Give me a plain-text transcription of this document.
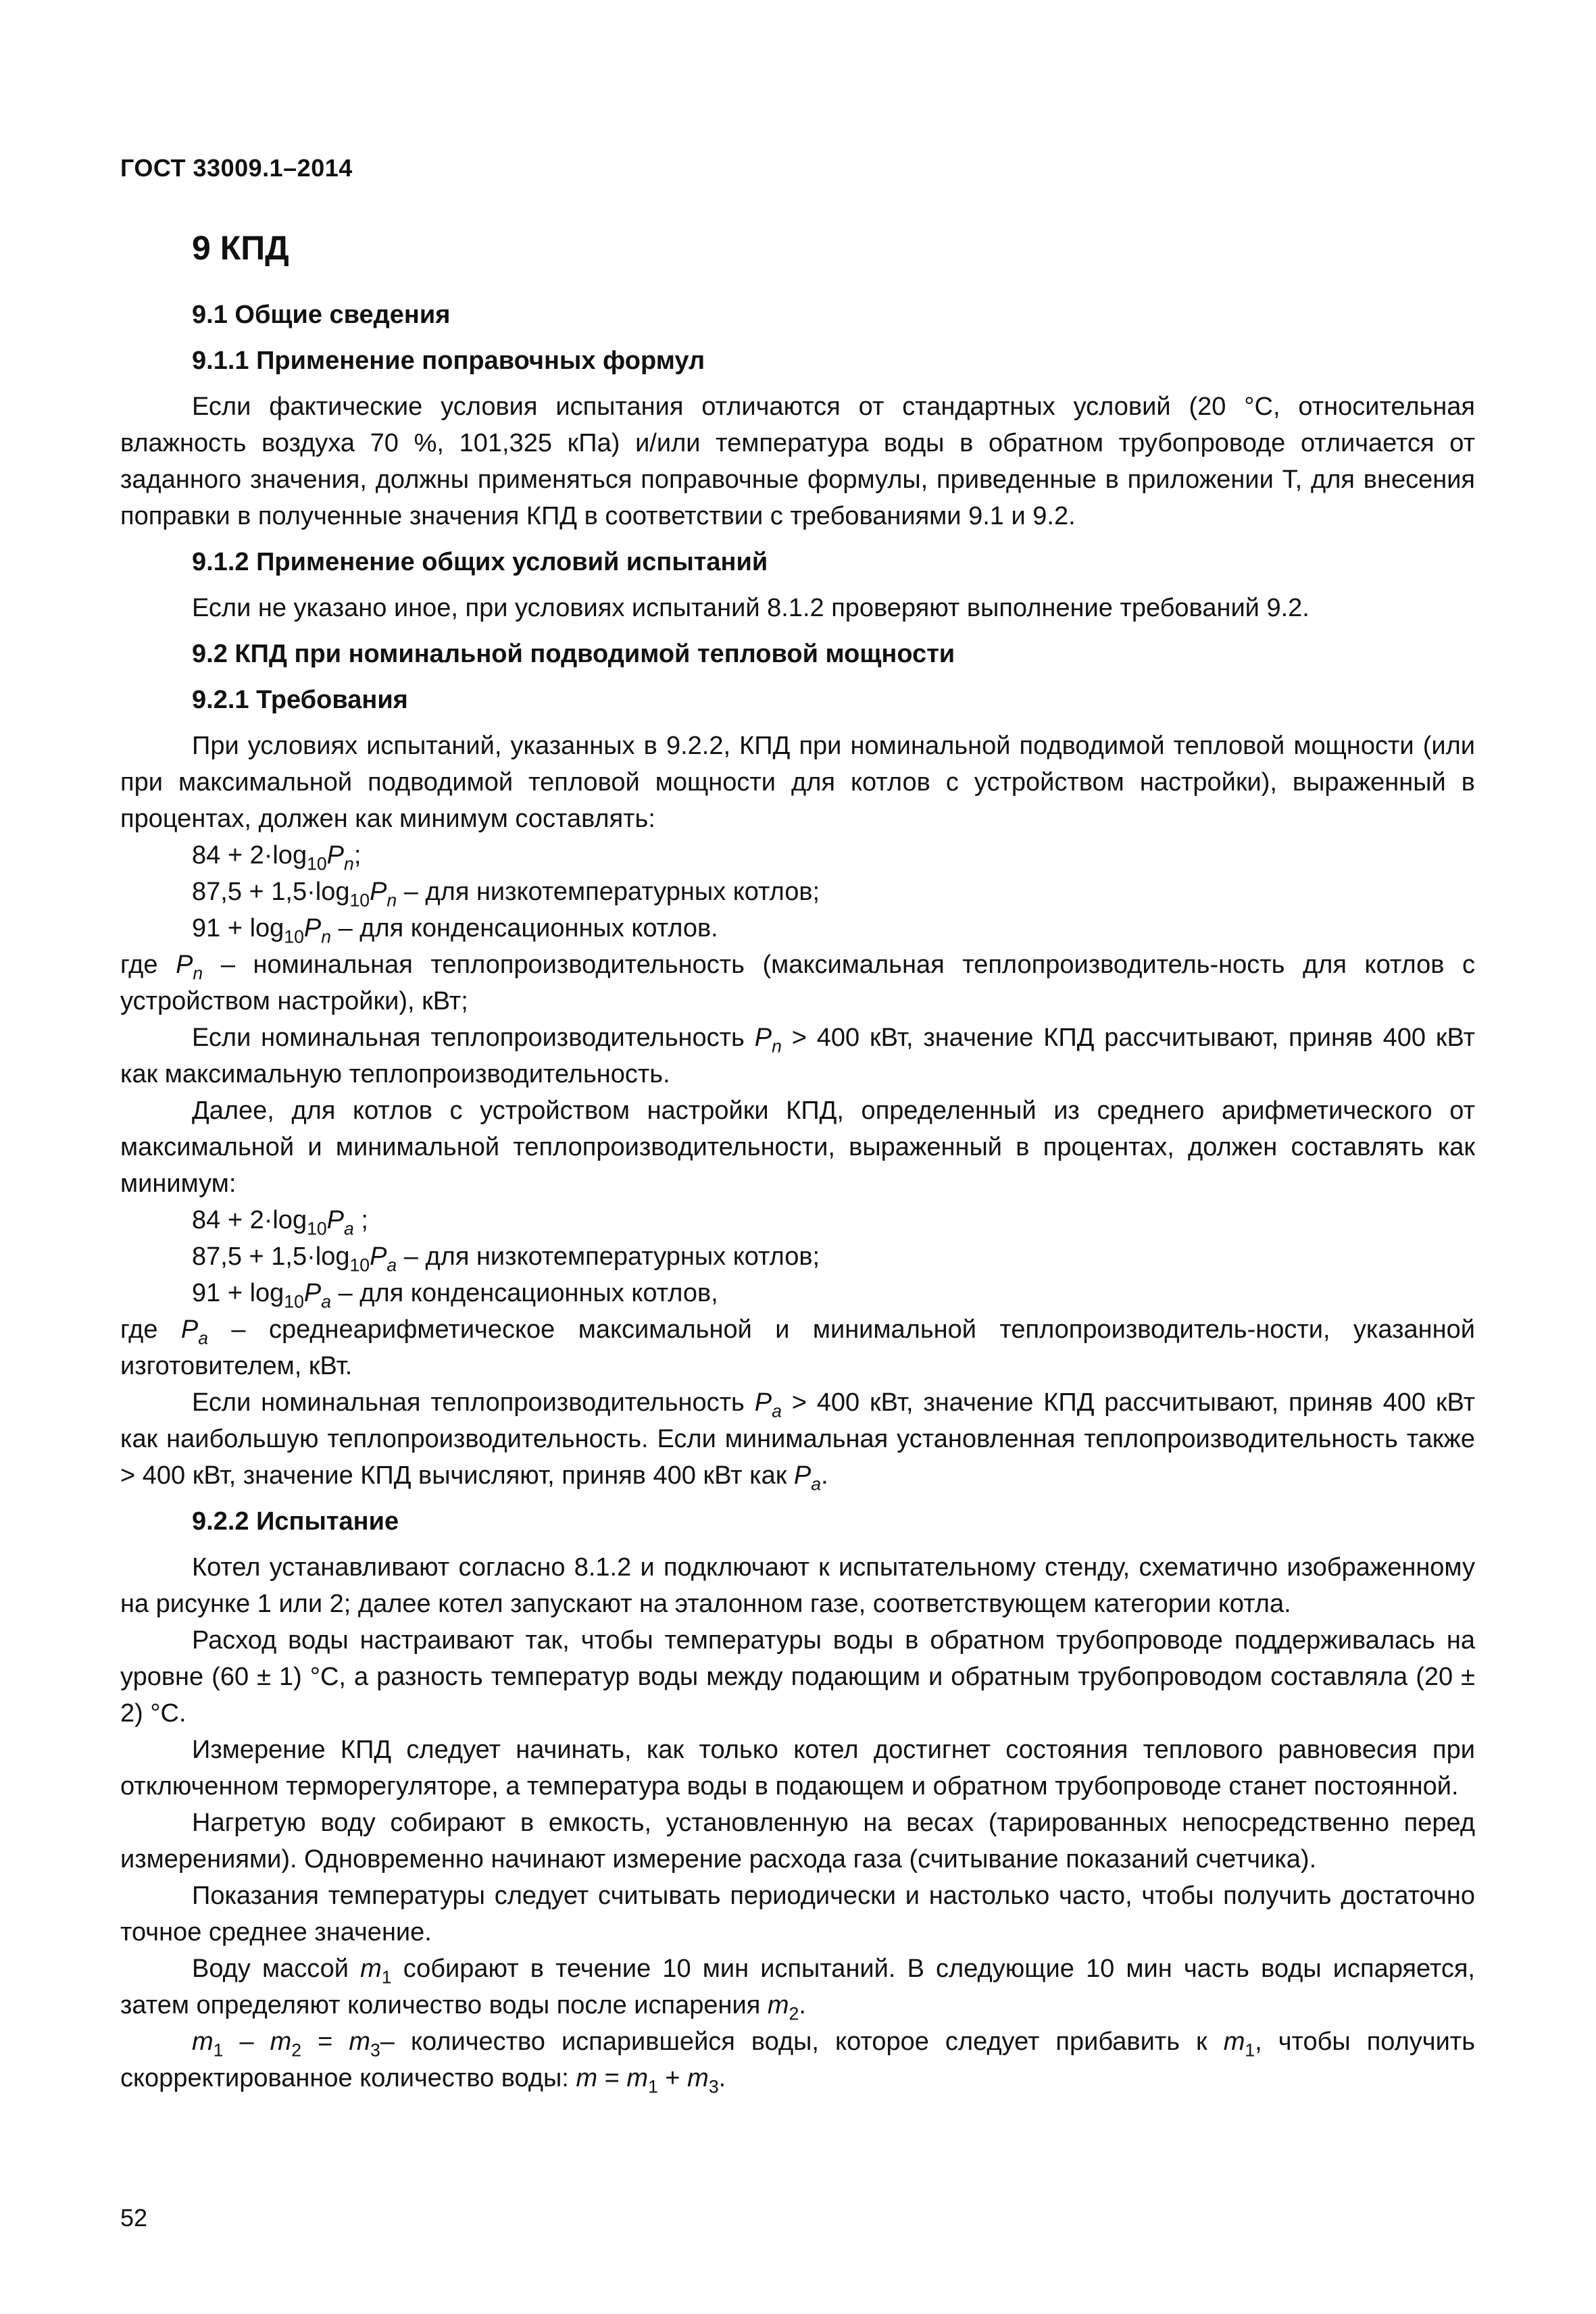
ГОСТ 33009.1–2014
9 КПД
9.1 Общие сведения
9.1.1 Применение поправочных формул
Если фактические условия испытания отличаются от стандартных условий (20 °С, относительная влажность воздуха 70 %, 101,325 кПа) и/или температура воды в обратном трубопроводе отличается от заданного значения, должны применяться поправочные формулы, приведенные в приложении Т, для внесения поправки в полученные значения КПД в соответствии с требованиями 9.1 и 9.2.
9.1.2 Применение общих условий испытаний
Если не указано иное, при условиях испытаний 8.1.2 проверяют выполнение требований 9.2.
9.2 КПД при номинальной подводимой тепловой мощности
9.2.1 Требования
При условиях испытаний, указанных в 9.2.2, КПД при номинальной подводимой тепловой мощности (или при максимальной подводимой тепловой мощности для котлов с устройством настройки), выраженный в процентах, должен как минимум составлять:
$84 + 2\cdot\log_{10}P_n$;
$87,5 + 1,5\cdot\log_{10}P_n$ – для низкотемпературных котлов;
$91 + \log_{10}P_n$ – для конденсационных котлов.
где $P_n$ – номинальная теплопроизводительность (максимальная теплопроизводитель-ность для котлов с устройством настройки), кВт;
Если номинальная теплопроизводительность $P_n > 400$ кВт, значение КПД рассчитывают, приняв 400 кВт как максимальную теплопроизводительность.
Далее, для котлов с устройством настройки КПД, определенный из среднего арифметического от максимальной и минимальной теплопроизводительности, выраженный в процентах, должен составлять как минимум:
$84 + 2\cdot\log_{10}P_a$ ;
$87,5 + 1,5\cdot\log_{10}P_a$ – для низкотемпературных котлов;
$91 + \log_{10}P_a$ – для конденсационных котлов,
где $P_a$ – среднеарифметическое максимальной и минимальной теплопроизводитель-ности, указанной изготовителем, кВт.
Если номинальная теплопроизводительность $P_a > 400$ кВт, значение КПД рассчитывают, приняв 400 кВт как наибольшую теплопроизводительность. Если минимальная установленная теплопроизводительность также > 400 кВт, значение КПД вычисляют, приняв 400 кВт как $P_a$.
9.2.2 Испытание
Котел устанавливают согласно 8.1.2 и подключают к испытательному стенду, схематично изображенному на рисунке 1 или 2; далее котел запускают на эталонном газе, соответствующем категории котла.
Расход воды настраивают так, чтобы температуры воды в обратном трубопроводе поддерживалась на уровне (60 ± 1) °С, а разность температур воды между подающим и обратным трубопроводом составляла (20 ± 2) °С.
Измерение КПД следует начинать, как только котел достигнет состояния теплового равновесия при отключенном терморегуляторе, а температура воды в подающем и обратном трубопроводе станет постоянной.
Нагретую воду собирают в емкость, установленную на весах (тарированных непосредственно перед измерениями). Одновременно начинают измерение расхода газа (считывание показаний счетчика).
Показания температуры следует считывать периодически и настолько часто, чтобы получить достаточно точное среднее значение.
Воду массой $m_1$ собирают в течение 10 мин испытаний. В следующие 10 мин часть воды испаряется, затем определяют количество воды после испарения $m_2$.
$m_1 - m_2 = m_3-$ количество испарившейся воды, которое следует прибавить к $m_1$, чтобы получить скорректированное количество воды: $m = m_1 + m_3$.
52
